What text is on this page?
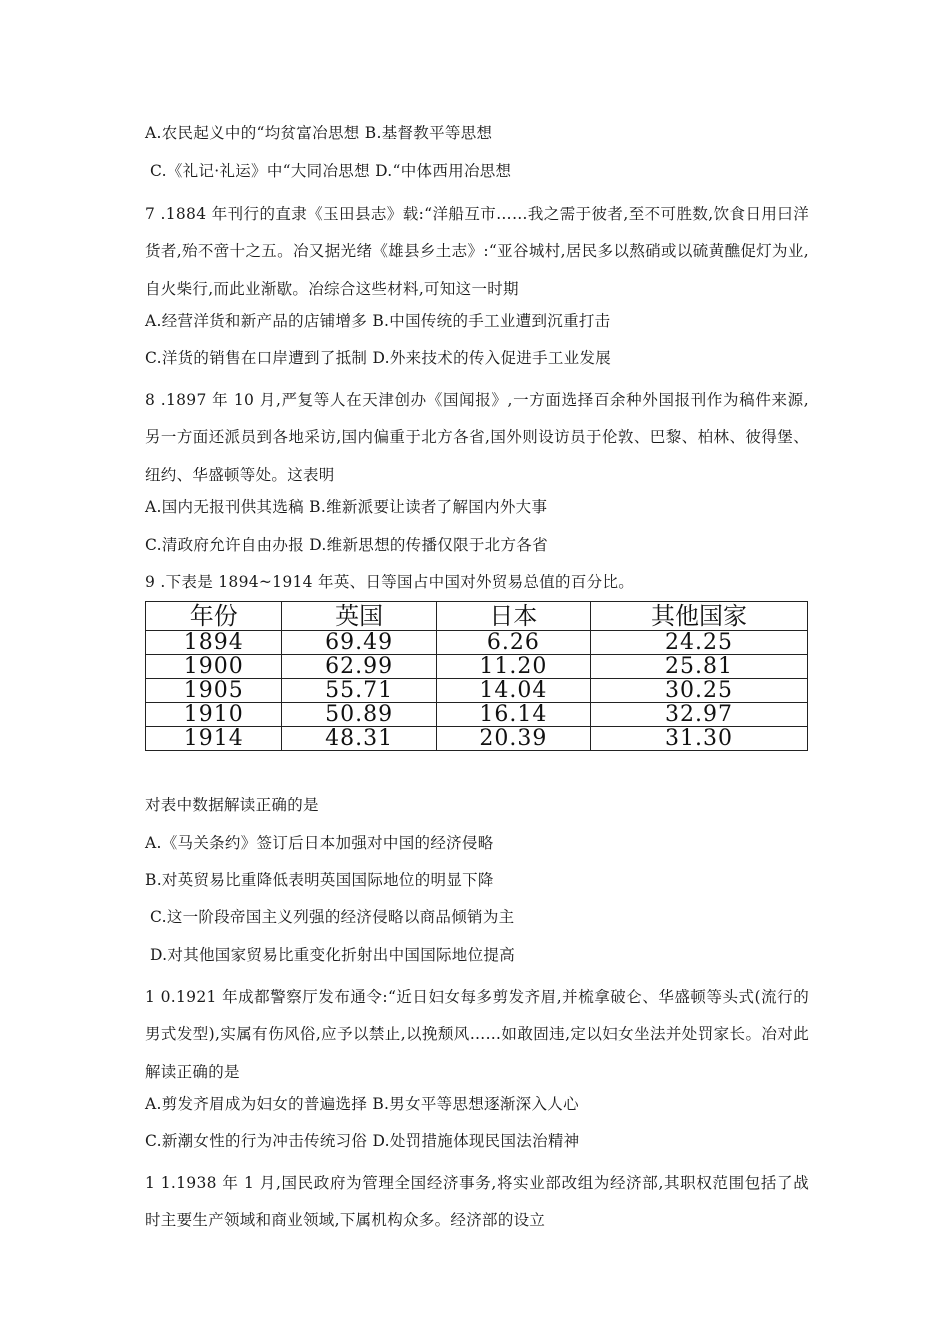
A.农民起义中的“均贫富冶思想 B.基督教平等思想
C.《礼记·礼运》中“大同冶思想 D.“中体西用冶思想
7 .1884 年刊行的直隶《玉田县志》载:“洋船互市……我之需于彼者,至不可胜数,饮食日用曰洋货者,殆不啻十之五。冶又据光绪《雄县乡土志》:“亚谷城村,居民多以熬硝或以硫黄醮促灯为业,自火柴行,而此业渐歇。冶综合这些材料,可知这一时期
A.经营洋货和新产品的店铺增多 B.中国传统的手工业遭到沉重打击
C.洋货的销售在口岸遭到了抵制 D.外来技术的传入促进手工业发展
8 .1897 年 10 月,严复等人在天津创办《国闻报》,一方面选择百余种外国报刊作为稿件来源, 另一方面还派员到各地采访,国内偏重于北方各省,国外则设访员于伦敦、巴黎、柏林、彼得堡、纽约、华盛顿等处。这表明
A.国内无报刊供其选稿 B.维新派要让读者了解国内外大事
C.清政府允许自由办报 D.维新思想的传播仅限于北方各省
9 .下表是 1894~1914 年英、日等国占中国对外贸易总值的百分比。
年份	英国	日本	其他国家
1894	69.49	6.26	24.25
1900	62.99	11.20	25.81
1905	55.71	14.04	30.25
1910	50.89	16.14	32.97
1914	48.31	20.39	31.30
对表中数据解读正确的是
A.《马关条约》签订后日本加强对中国的经济侵略
B.对英贸易比重降低表明英国国际地位的明显下降
C.这一阶段帝国主义列强的经济侵略以商品倾销为主
D.对其他国家贸易比重变化折射出中国国际地位提高
1 0.1921 年成都警察厅发布通令:“近日妇女每多剪发齐眉,并梳拿破仑、华盛顿等头式(流行的男式发型),实属有伤风俗,应予以禁止,以挽颓风……如敢固违,定以妇女坐法并处罚家长。冶对此解读正确的是
A.剪发齐眉成为妇女的普遍选择 B.男女平等思想逐渐深入人心
C.新潮女性的行为冲击传统习俗 D.处罚措施体现民国法治精神
1 1.1938 年 1 月,国民政府为管理全国经济事务,将实业部改组为经济部,其职权范围包括了战时主要生产领域和商业领域,下属机构众多。经济部的设立
